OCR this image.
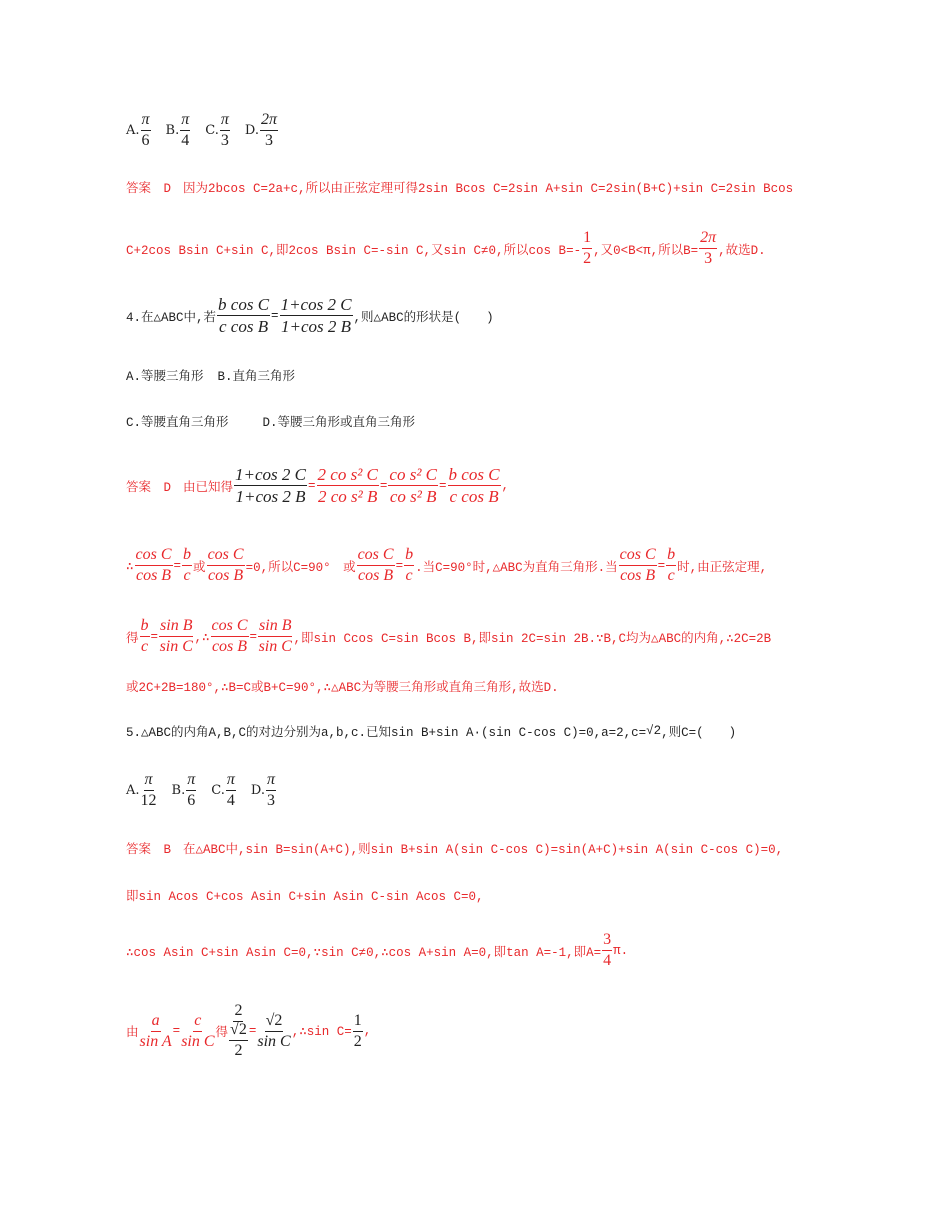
A. $\frac{\pi}{6} B$. $\frac{\pi}{4} C$. $\frac{\pi}{3} D$. $\frac{2\pi}{3}$
答案　D 因为2bcos C=2a+c,所以由正弦定理可得2sin Bcos C=2sin A+sin C=2sin(B+C)+sin C=2sin Bcos
C+2cos Bsin C+sin C,即2cos Bsin C=-sin C,又sin C≠0,所以$\cos B=- \frac{1}{2}$ ,又0<B<π,所以$B= \frac{2\pi}{3}$ ,故选D.
4.在△ABC中,若 $\frac{\text{b cos C}}{\text{c cos B}} = \frac{1+\cos 2 C}{1+\cos 2 B}$ ,则△ABC的形状是(　　)
A.等腰三角形 B.直角三角形
C.等腰直角三角形	D.等腰三角形或直角三角形
答案　D 由已知得 $\frac{1+\cos 2 C}{1+\cos 2 B} = \frac{\text{2 co s² C}}{\text{2 co s² B}} = \frac{\text{co s² C}}{\text{co s² B}} = \frac{\text{b cos C}}{\text{c cos B}}$ ,
∴ $\frac{\text{cos C}}{\text{cos B}} = \frac{b}{c}$ 或 $\frac{\text{cos C}}{\text{cos B}} =0$,所以C=90°　或 $\frac{\text{cos C}}{\text{cos B}} = \frac{b}{c}$ .当C=90°时,△ABC为直角三角形.当 $\frac{\text{cos C}}{\text{cos B}} = \frac{b}{c}$ 时,由正弦定理,
得 $\frac{b}{c} = \frac{\text{sin B}}{\text{sin C}}$ ,∴ $\frac{\text{cos C}}{\text{cos B}} = \frac{\text{sin B}}{\text{sin C}}$ ,即sin Ccos C=sin Bcos B,即sin 2C=sin 2B.∵B,C均为△ABC的内角,∴2C=2B
或2C+2B=180°,∴B=C或B+C=90°,∴△ABC为等腰三角形或直角三角形,故选D.
5.△ABC的内角A,B,C的对边分别为a,b,c.已知sin B+sin A·(sin C-cos C)=0,a=2,c= √2 ,则C=(　　)
A. $\frac{\pi}{12} B$. $\frac{\pi}{6} C$. $\frac{\pi}{4} D$. $\frac{\pi}{3}$
答案　B 在△ABC中,sin B=sin(A+C),则sin B+sin A(sin C-cos C)=sin(A+C)+sin A(sin C-cos C)=0,
即sin Acos C+cos Asin C+sin Asin C-sin Acos C=0,
∴cos Asin C+sin Asin C=0,∵sin C≠0,∴cos A+sin A=0,即tan A=-1,即$A= \frac{3}{4} \pi$.
由 $\frac{a}{\text{sin A}} = \frac{c}{\text{sin C}}$ 得
2
√2
2
= $\frac{√2}{\text{sin C}}$ ,∴sin $C= \frac{1}{2}$ ,
